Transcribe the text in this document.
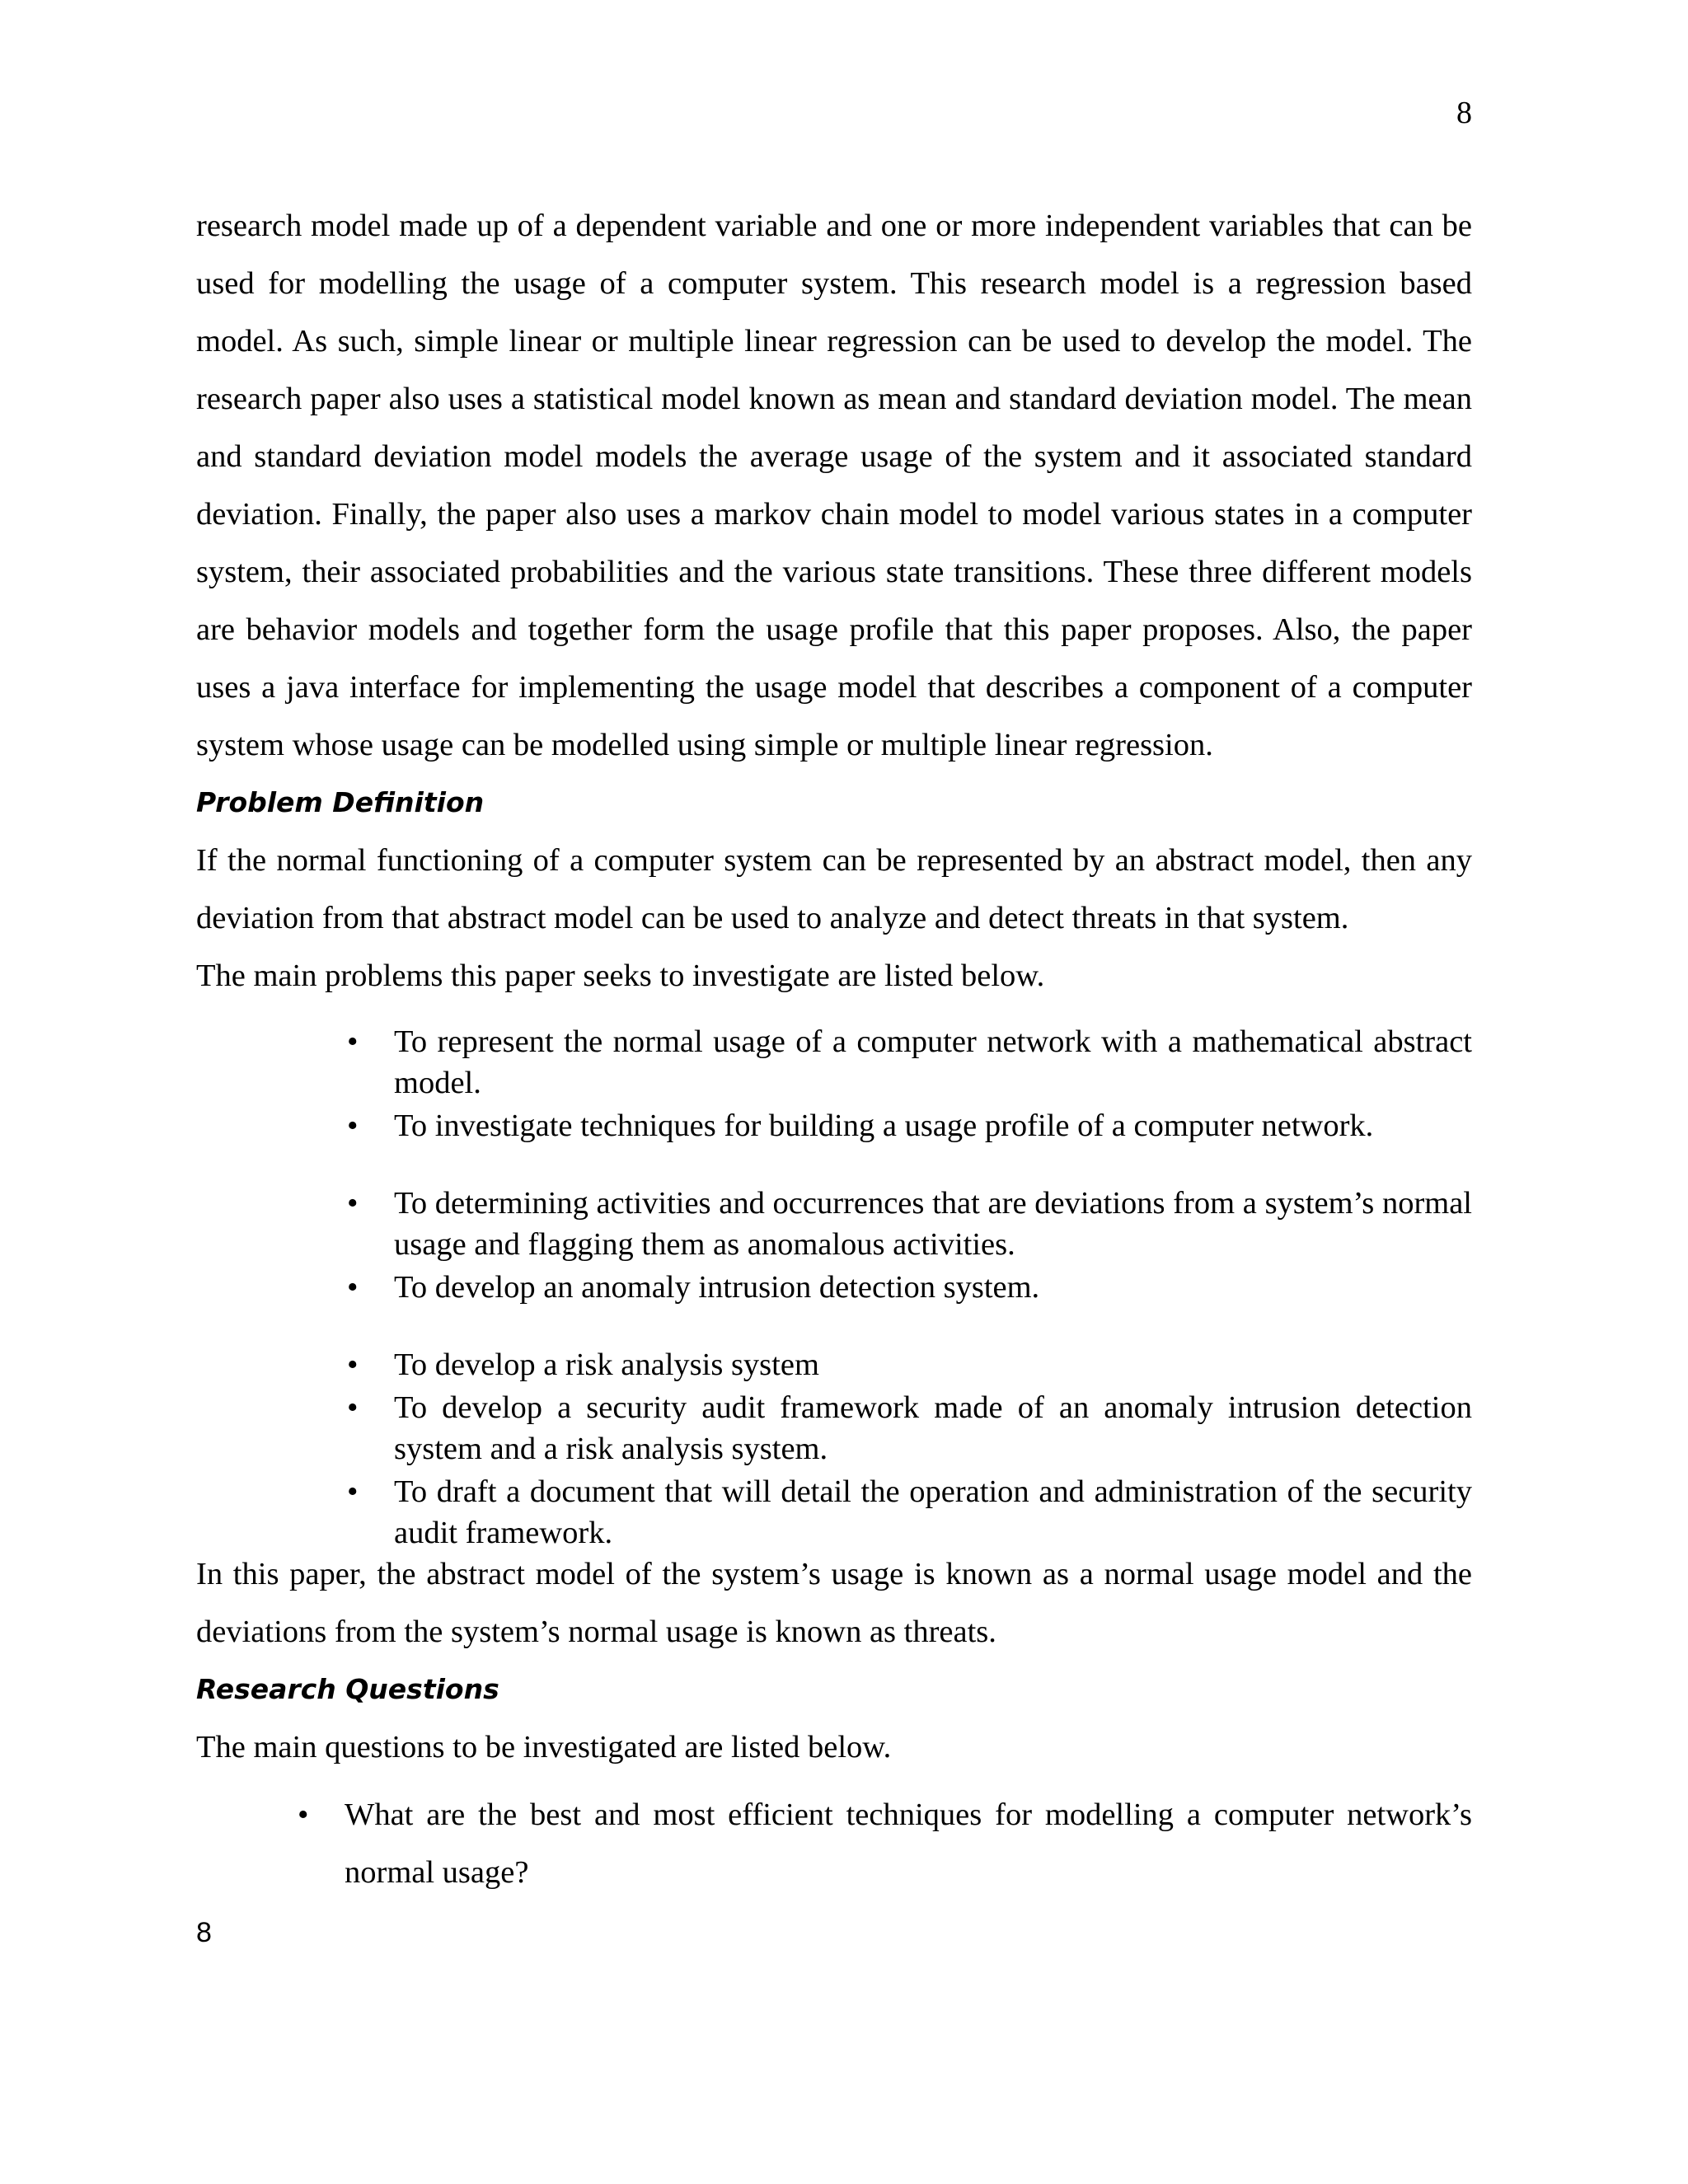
8

research model made up of a dependent variable and one or more independent variables that can be used for modelling the usage of a computer system. This research model is a regression based model. As such, simple linear or multiple linear regression can be used to develop the model. The research paper also uses a statistical model known as mean and standard deviation model. The mean and standard deviation model models the average usage of the system and it associated standard deviation. Finally, the paper also uses a markov chain model to model various states in a computer system, their associated probabilities and the various state transitions. These three different models are behavior models and together form the usage profile that this paper proposes. Also, the paper uses a java interface for implementing the usage model that describes a component of a computer system whose usage can be modelled using simple or multiple linear regression.

Problem Definition

If the normal functioning of a computer system can be represented by an abstract model, then any deviation from that abstract model can be used to analyze and detect threats in that system.

The main problems this paper seeks to investigate are listed below.

• To represent the normal usage of a computer network with a mathematical abstract model.
• To investigate techniques for building a usage profile of a computer network.
• To determining activities and occurrences that are deviations from a system’s normal usage and flagging them as anomalous activities.
• To develop an anomaly intrusion detection system.
• To develop a risk analysis system
• To develop a security audit framework made of an anomaly intrusion detection system and a risk analysis system.
• To draft a document that will detail the operation and administration of the security audit framework.

In this paper, the abstract model of the system’s usage is known as a normal usage model and the deviations from the system’s normal usage is known as threats.

Research Questions

The main questions to be investigated are listed below.

• What are the best and most efficient techniques for modelling a computer network’s normal usage?
8
